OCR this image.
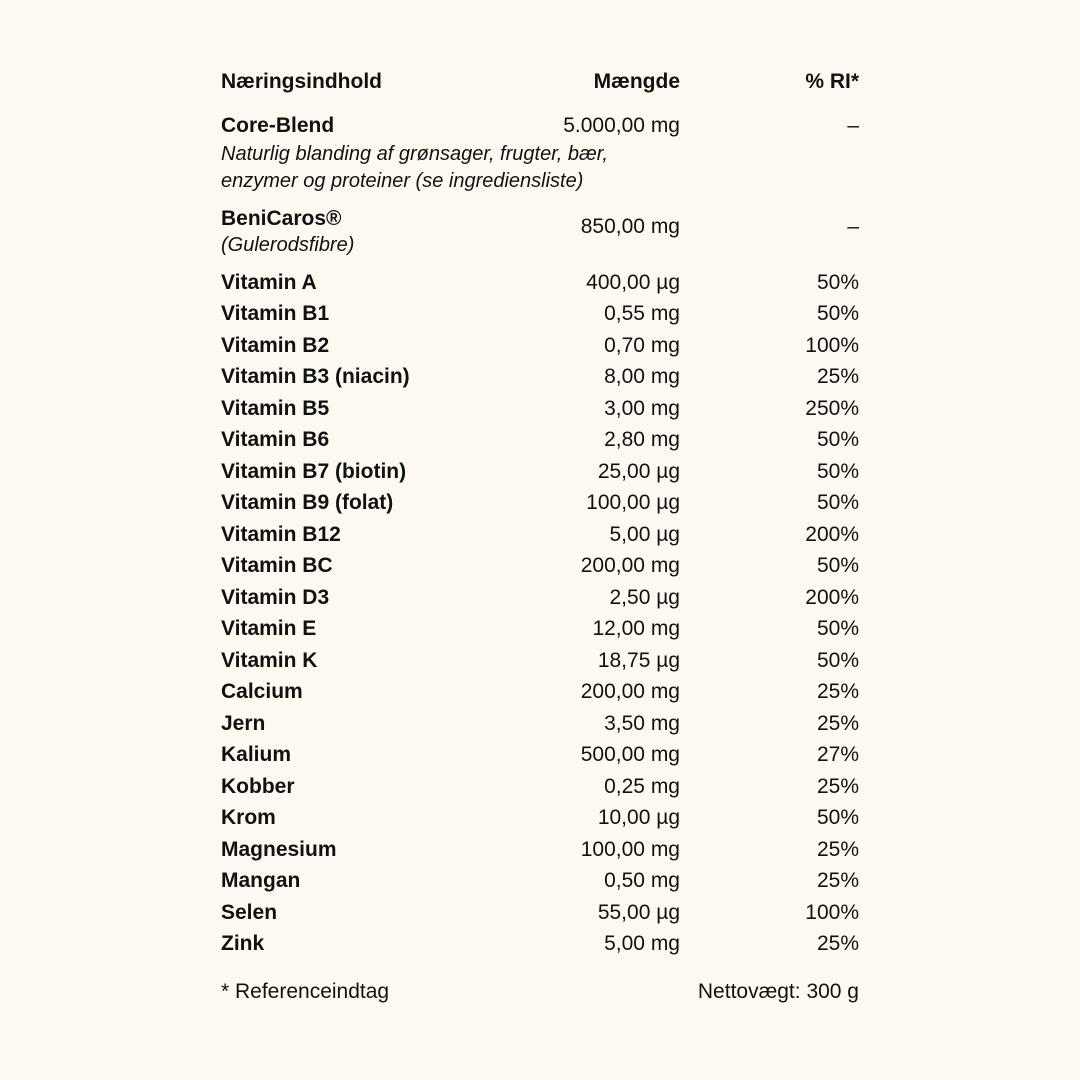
Næringsindhold	Mængde	% RI*
Core-Blend	5.000,00 mg	–
Naturlig blanding af grønsager, frugter, bær, enzymer og proteiner (se ingrediensliste)
BeniCaros®
(Gulerodsfibre)
850,00 mg	–
Vitamin A	400,00 µg	50%
Vitamin B1	0,55 mg	50%
Vitamin B2	0,70 mg	100%
Vitamin B3 (niacin)	8,00 mg	25%
Vitamin B5	3,00 mg	250%
Vitamin B6	2,80 mg	50%
Vitamin B7 (biotin)	25,00 µg	50%
Vitamin B9 (folat)	100,00 µg	50%
Vitamin B12	5,00 µg	200%
Vitamin BC	200,00 mg	50%
Vitamin D3	2,50 µg	200%
Vitamin E	12,00 mg	50%
Vitamin K	18,75 µg	50%
Calcium	200,00 mg	25%
Jern	3,50 mg	25%
Kalium	500,00 mg	27%
Kobber	0,25 mg	25%
Krom	10,00 µg	50%
Magnesium	100,00 mg	25%
Mangan	0,50 mg	25%
Selen	55,00 µg	100%
Zink	5,00 mg	25%
* Referenceindtag	Nettovægt: 300 g
